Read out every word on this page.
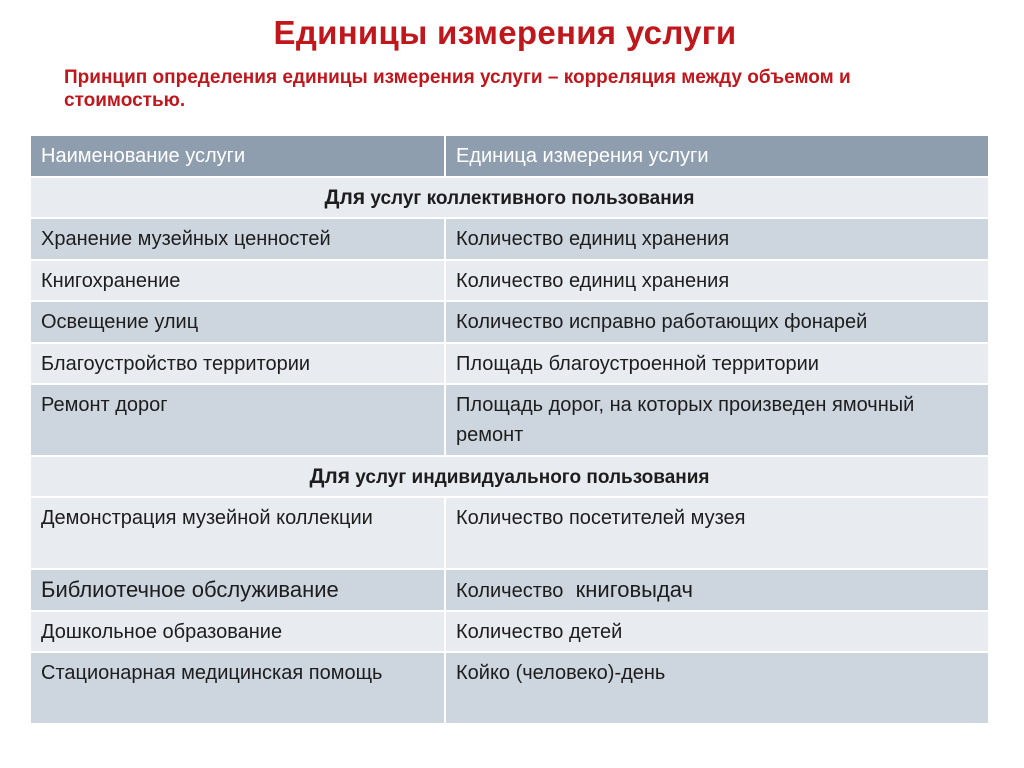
Единицы измерения услуги
Принцип определения единицы измерения услуги – корреляция между объемом и стоимостью.
Наименование услуги	Единица измерения услуги
Для услуг коллективного пользования	

Хранение музейных ценностей	Количество единиц хранения

Книгохранение	Количество единиц хранения

Освещение улиц	Количество исправно работающих фонарей

Благоустройство территории	Площадь благоустроенной территории

Ремонт дорог	Площадь дорог, на которых произведен ямочный ремонт

Для услуг индивидуального пользования	

Демонстрация музейной коллекции	Количество посетителей музея

Библиотечное обслуживание	Количество  книговыдач

Дошкольное образование	Количество детей

Стационарная медицинская помощь	Койко (человеко)-день
